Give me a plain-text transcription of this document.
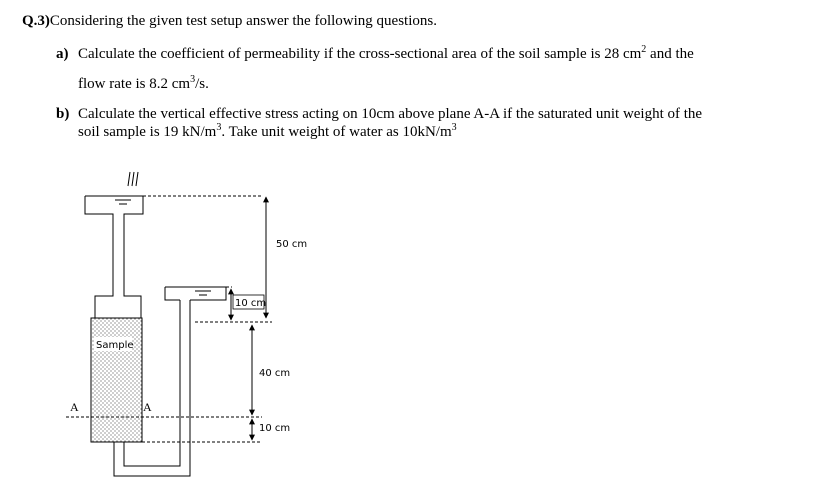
Q.3)Considering the given test setup answer the following questions.
a) Calculate the coefficient of permeability if the cross-sectional area of the soil sample is 28 $cm^2$ and the
flow rate is 8.2 $cm^3/s$.
b) Calculate the vertical effective stress acting on 10cm above plane A-A if the saturated unit weight of the
soil sample is 19 $kN/m^3$. Take unit weight of water as $10kN/m^3$
Sample
50 cm
10 cm
40 cm
10 cm
A	A
